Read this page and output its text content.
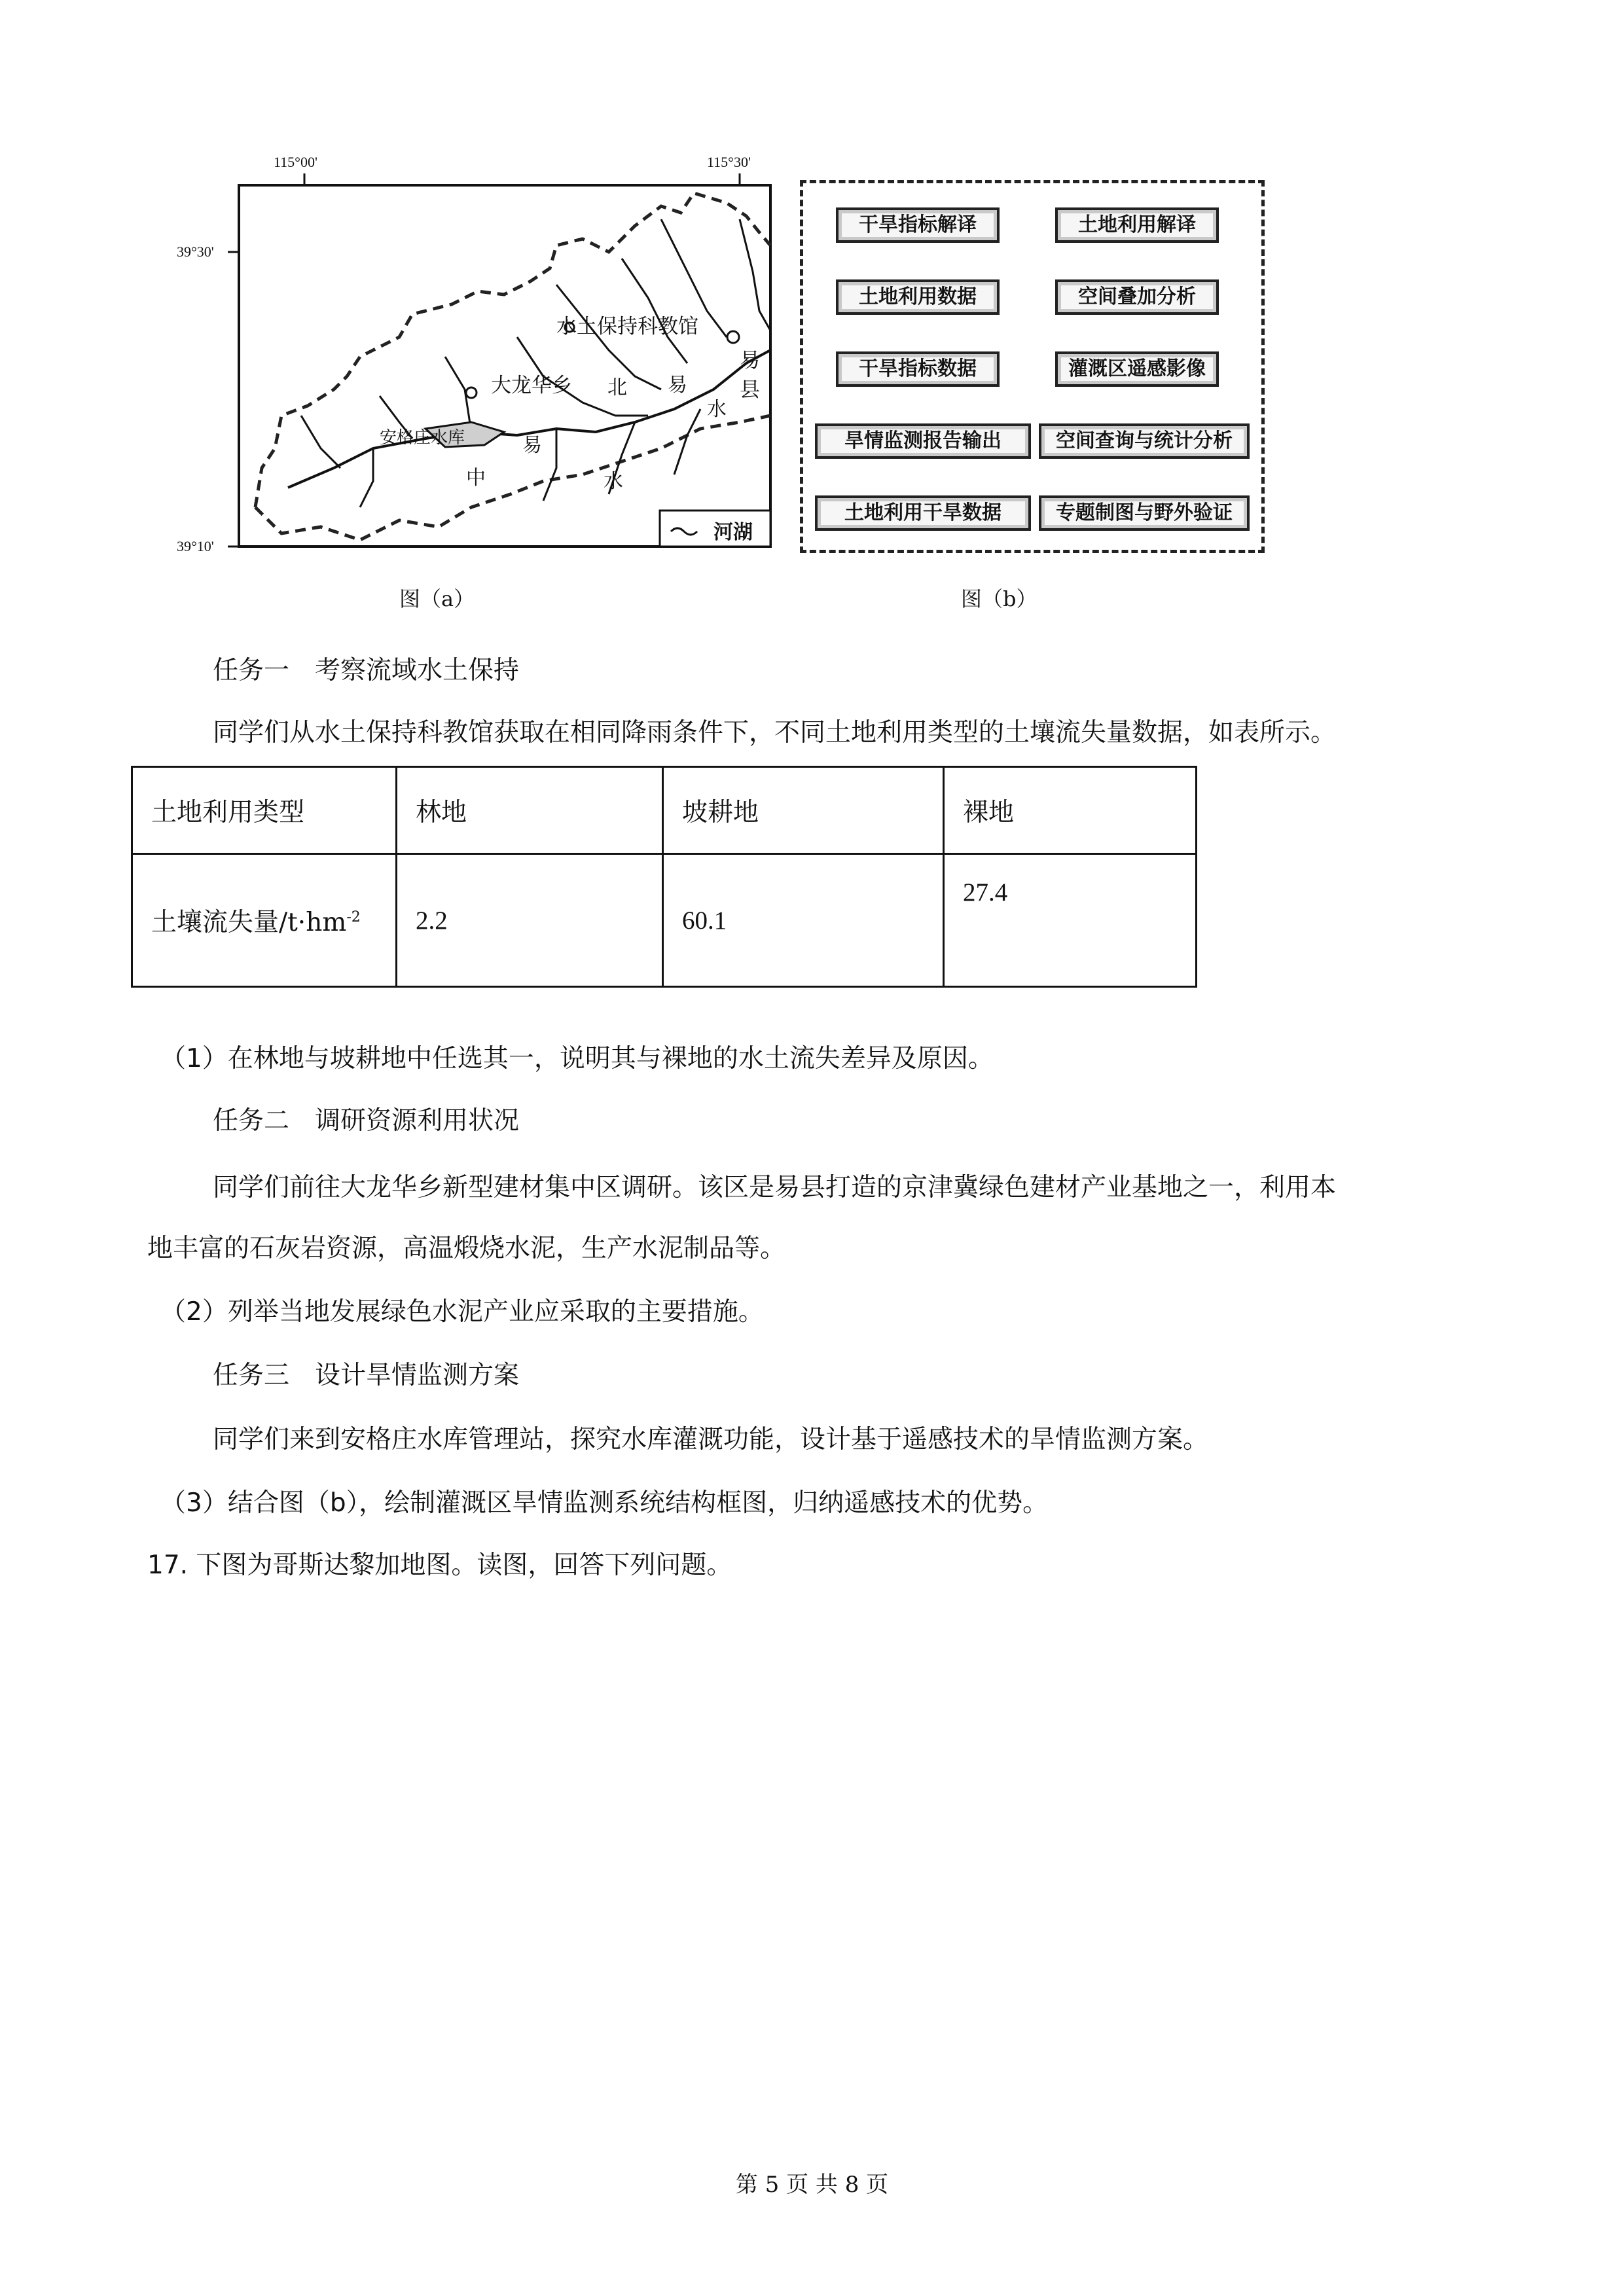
115°00'	115°30'
39°30'
39°10'
水土保持科教馆
易县
大龙华乡
安格庄水库
北 易
水
中
易
水
河湖
图（a）
干旱指标解译	土地利用解译
土地利用数据	空间叠加分析
干旱指标数据	灌溉区遥感影像
旱情监测报告输出	空间查询与统计分析
土地利用干旱数据	专题制图与野外验证
图（b）
任务一　考察流域水土保持
同学们从水土保持科教馆获取在相同降雨条件下，不同土地利用类型的土壤流失量数据，如表所示。
土地利用类型	林地	坡耕地	裸地
土壤流失量$/t\cdot hm^{-2}$	2.2	60.1	27.4
（1）在林地与坡耕地中任选其一，说明其与裸地的水土流失差异及原因。
任务二　调研资源利用状况
同学们前往大龙华乡新型建材集中区调研。该区是易县打造的京津冀绿色建材产业基地之一，利用本
地丰富的石灰岩资源，高温煅烧水泥，生产水泥制品等。
（2）列举当地发展绿色水泥产业应采取的主要措施。
任务三　设计旱情监测方案
同学们来到安格庄水库管理站，探究水库灌溉功能，设计基于遥感技术的旱情监测方案。
（3）结合图（b），绘制灌溉区旱情监测系统结构框图，归纳遥感技术的优势。
17. 下图为哥斯达黎加地图。读图，回答下列问题。
第 5 页 共 8 页
